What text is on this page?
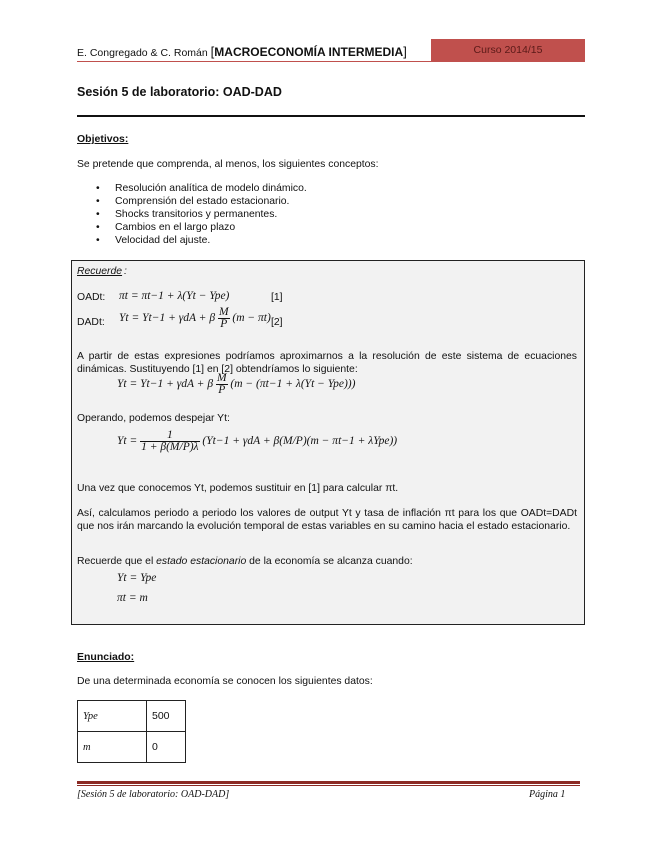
E. Congregado & C. Román [MACROECONOMÍA INTERMEDIA]	Curso 2014/15
Sesión 5 de laboratorio: OAD-DAD
Objetivos:
Se pretende que comprenda, al menos, los siguientes conceptos:
• Resolución analítica de modelo dinámico.
• Comprensión del estado estacionario.
• Shocks transitorios y permanentes.
• Cambios en el largo plazo
• Velocidad del ajuste.
Recuerde :
OADt: πt = πt−1 + λ(Yt − Ype)	[1]
DADt: Yt = Yt−1 + γdA + β $\frac{M}{P} (m - \pi t)$ [2]
A partir de estas expresiones podríamos aproximarnos a la resolución de este sistema de ecuaciones dinámicas. Sustituyendo [1] en [2] obtendríamos lo siguiente:
Yt = Yt−1 + γdA + β $\frac{M}{P} (m - (\pi t-1 + \lambda(Yt - Ype)))$
Operando, podemos despejar Yt:
$Yt = \frac{1}{1 + \beta(M/P)\lambda} (Yt-1 + \gamma dA + \beta(M/P)(m - \pi t-1 + \lambda Ype))$
Una vez que conocemos Yt, podemos sustituir en [1] para calcular πt.
Así, calculamos periodo a periodo los valores de output Yt y tasa de inflación πt para los que OADt=DADt que nos irán marcando la evolución temporal de estas variables en su camino hacia el estado estacionario.
Recuerde que el estado estacionario de la economía se alcanza cuando:
Yt = Ype
πt = m
Enunciado:
De una determinada economía se conocen los siguientes datos:
Ype	500
m	0
[Sesión 5 de laboratorio: OAD-DAD]	Página 1
